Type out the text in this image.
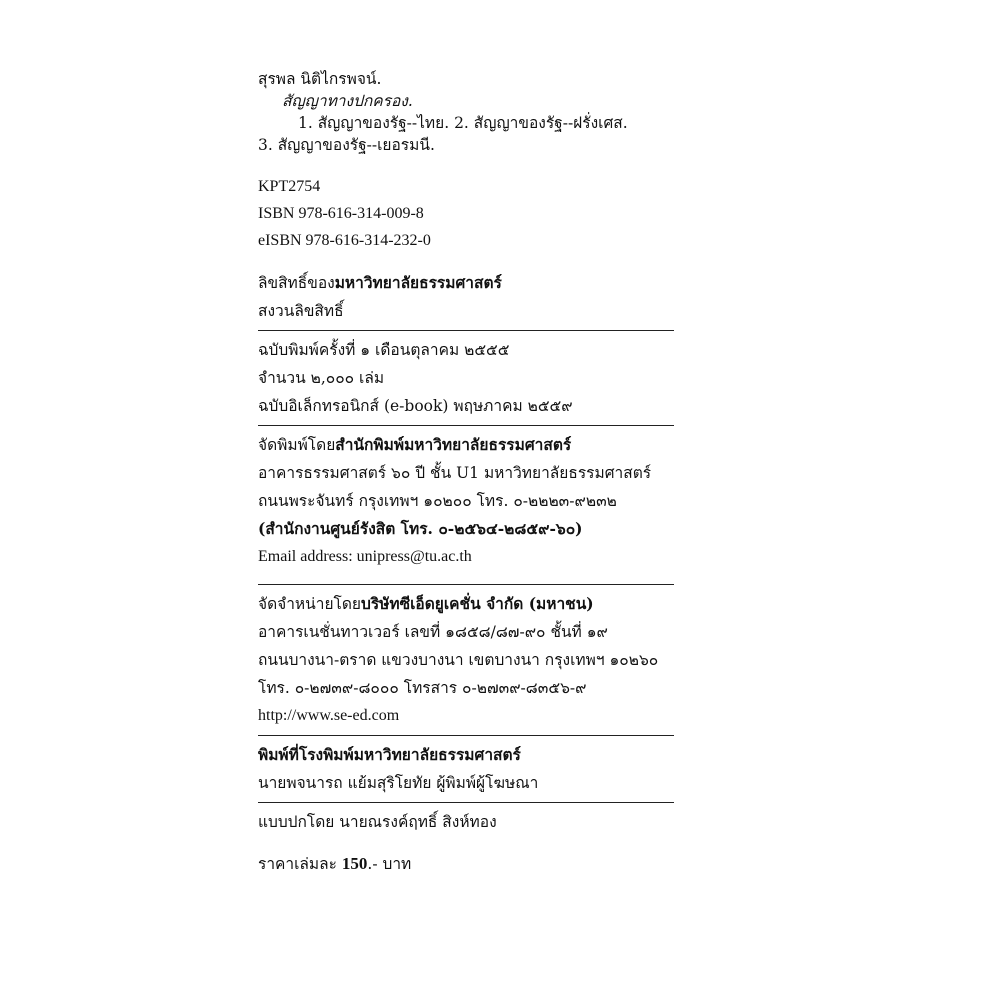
สุรพล นิติไกรพจน์.
สัญญาทางปกครอง.
1. สัญญาของรัฐ--ไทย. 2. สัญญาของรัฐ--ฝรั่งเศส.
3. สัญญาของรัฐ--เยอรมนี.
KPT2754
ISBN 978-616-314-009-8
eISBN 978-616-314-232-0
ลิขสิทธิ์ของมหาวิทยาลัยธรรมศาสตร์
สงวนลิขสิทธิ์
ฉบับพิมพ์ครั้งที่ ๑ เดือนตุลาคม ๒๕๕๕
จำนวน ๒,๐๐๐ เล่ม
ฉบับอิเล็กทรอนิกส์ (e-book) พฤษภาคม ๒๕๕๙
จัดพิมพ์โดยสำนักพิมพ์มหาวิทยาลัยธรรมศาสตร์
อาคารธรรมศาสตร์ ๖๐ ปี ชั้น U1 มหาวิทยาลัยธรรมศาสตร์
ถนนพระจันทร์ กรุงเทพฯ ๑๐๒๐๐ โทร. ๐-๒๒๒๓-๙๒๓๒
(สำนักงานศูนย์รังสิต โทร. ๐-๒๕๖๔-๒๘๕๙-๖๐)
Email address: unipress@tu.ac.th
จัดจำหน่ายโดยบริษัทซีเอ็ดยูเคชั่น จำกัด (มหาชน)
อาคารเนชั่นทาวเวอร์ เลขที่ ๑๘๕๘/๘๗-๙๐ ชั้นที่ ๑๙
ถนนบางนา-ตราด แขวงบางนา เขตบางนา กรุงเทพฯ ๑๐๒๖๐
โทร. ๐-๒๗๓๙-๘๐๐๐ โทรสาร ๐-๒๗๓๙-๘๓๕๖-๙
http://www.se-ed.com
พิมพ์ที่โรงพิมพ์มหาวิทยาลัยธรรมศาสตร์
นายพจนารถ แย้มสุริโยทัย ผู้พิมพ์ผู้โฆษณา
แบบปกโดย นายณรงค์ฤทธิ์ สิงห์ทอง
ราคาเล่มละ 150.- บาท
